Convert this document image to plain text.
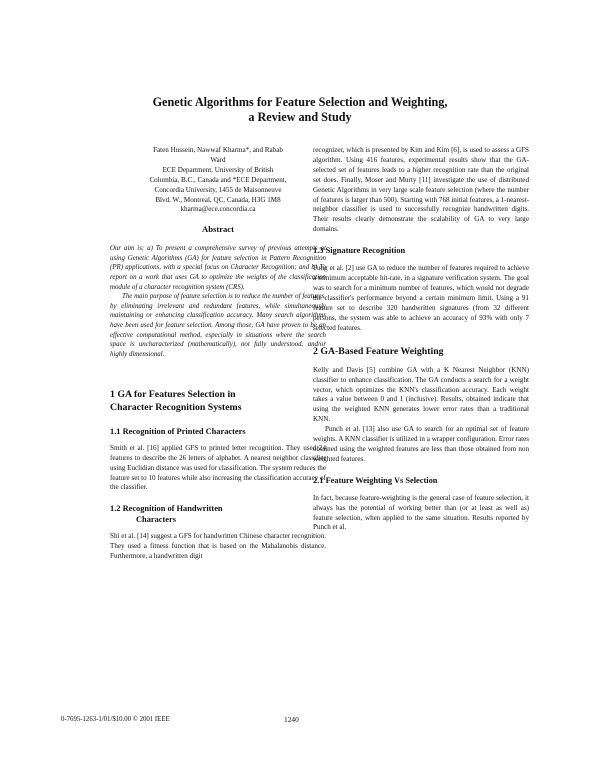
Genetic Algorithms for Feature Selection and Weighting,
a Review and Study
Faten Hussein, Nawwaf Kharma*, and Rabab
Ward
ECE Department, University of British
Columbia, B.C., Canada and *ECE Department,
Concordia University, 1455 de Maisonneuve
Blvd. W., Montreal, QC, Canada, H3G 1M8
kharma@ece.concordia.ca
Abstract

Our aim is: a) To present a comprehensive survey of previous attempts at using Genetic Algorithms (GA) for feature selection in Pattern Recognition (PR) applications, with a special focus on Character Recognition; and b) To report on a work that uses GA to optimize the weights of the classification module of a character recognition system (CRS).

The main purpose of feature selection is to reduce the number of features, by eliminating irrelevant and redundant features, while simultaneously maintaining or enhancing classification accuracy. Many search algorithms have been used for feature selection. Among those, GA have proven to be an effective computational method, especially in situations where the search space is uncharacterized (mathematically), not fully understood, and/or highly dimensional.

1 GA for Features Selection in
Character Recognition Systems
1.1 Recognition of Printed Characters

Smith et al. [16] applied GFS to printed letter recognition. They used 24 features to describe the 26 letters of alphabet. A nearest neighbor classifier using Euclidian distance was used for classification. The system reduces the feature set to 10 features while also increasing the classification accuracy of the classifier.

1.2 Recognition of Handwritten
Characters

Shi et al. [14] suggest a GFS for handwritten Chinese character recognition. They used a fitness function that is based on the Mahalanobis distance. Furthermore, a handwritten digit

recognizer, which is presented by Kim and Kim [6], is used to assess a GFS algorithm. Using 416 features, experimental results show that the GA-selected set of features leads to a higher recognition rate than the original set does. Finally, Moser and Murty [11] investigate the use of distributed Genetic Algorithms in very large scale feature selection (where the number of features is larger than 500). Starting with 768 initial features, a 1-nearest-neighbor classifier is used to successfully recognize handwritten digits. Their results clearly demonstrate the scalability of GA to very large domains.

1.3 Signature Recognition

Fung et al. [2] use GA to reduce the number of features required to achieve a minimum acceptable hit-rate, in a signature verification system. The goal was to search for a minimum number of features, which would not degrade the classifier's performance beyond a certain minimum limit. Using a 91 feature set to describe 320 handwritten signatures (from 32 different persons, the system was able to achieve an accuracy of 93% with only 7 selected features.

2 GA-Based Feature Weighting

Kelly and Davis [5] combine GA with a K Nearest Neighbor (KNN) classifier to enhance classification. The GA conducts a search for a weight vector, which optimizes the KNN's classification accuracy. Each weight takes a value between 0 and 1 (inclusive). Results, obtained indicate that using the weighted KNN generates lower error rates than a traditional KNN.

Punch et al. [13] also use GA to search for an optimal set of feature weights. A KNN classifier is utilized in a wrapper configuration. Error rates obtained using the weighted features are less than those obtained from non weighted features.

2.1 Feature Weighting Vs Selection

In fact, because feature-weighting is the general case of feature selection, it always has the potential of working better than (or at least as well as) feature selection, when applied to the same situation. Results reported by Punch et al.

0-7695-1263-1/01/$10.00 © 2001 IEEE	1240
